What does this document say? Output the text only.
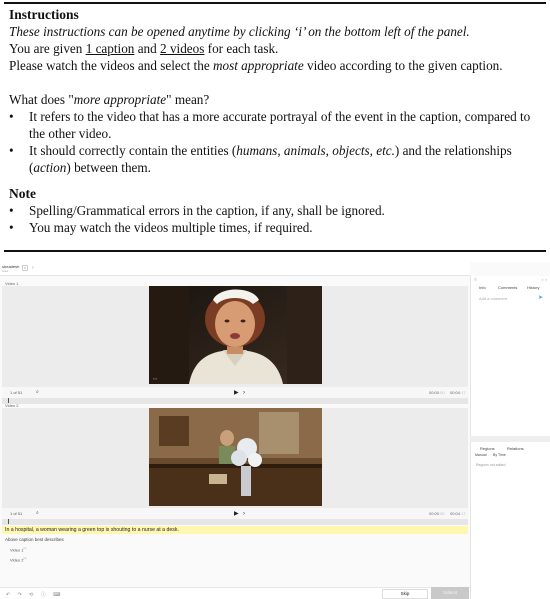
Instructions
These instructions can be opened anytime by clicking ‘i’ on the bottom left of the panel.
You are given 1 caption and 2 videos for each task.
Please watch the videos and select the most appropriate video according to the given caption.
What does "more appropriate" mean?
• It refers to the video that has a more accurate portrayal of the event in the caption, compared to the other video.
• It should correctly contain the entities (humans, animals, objects, etc.) and the relationships (action) between them.
Note
• Spelling/Grammatical errors in the caption, if any, shall be ignored.
• You may watch the videos multiple times, if required.
sheadesh
read
×	›
Video 1
▪▪▪
1 of 51	⌕	▶ ›	00:00:00 00:04:17
Video 2
1 of 51	⌕	▶ ›	00:00:00 00:04:17
In a hospital, a woman wearing a green top is shouting to a nurse at a desk.
Above caption best describes
Video 1[1]
Video 2[2]
↶ ↷ ⟲ ⓘ ⌨	Skip	Submit
⠿	× ×
Info	Comments History
Add a comment	➤
Regions	Relations
Manual By Time
Regions not added
